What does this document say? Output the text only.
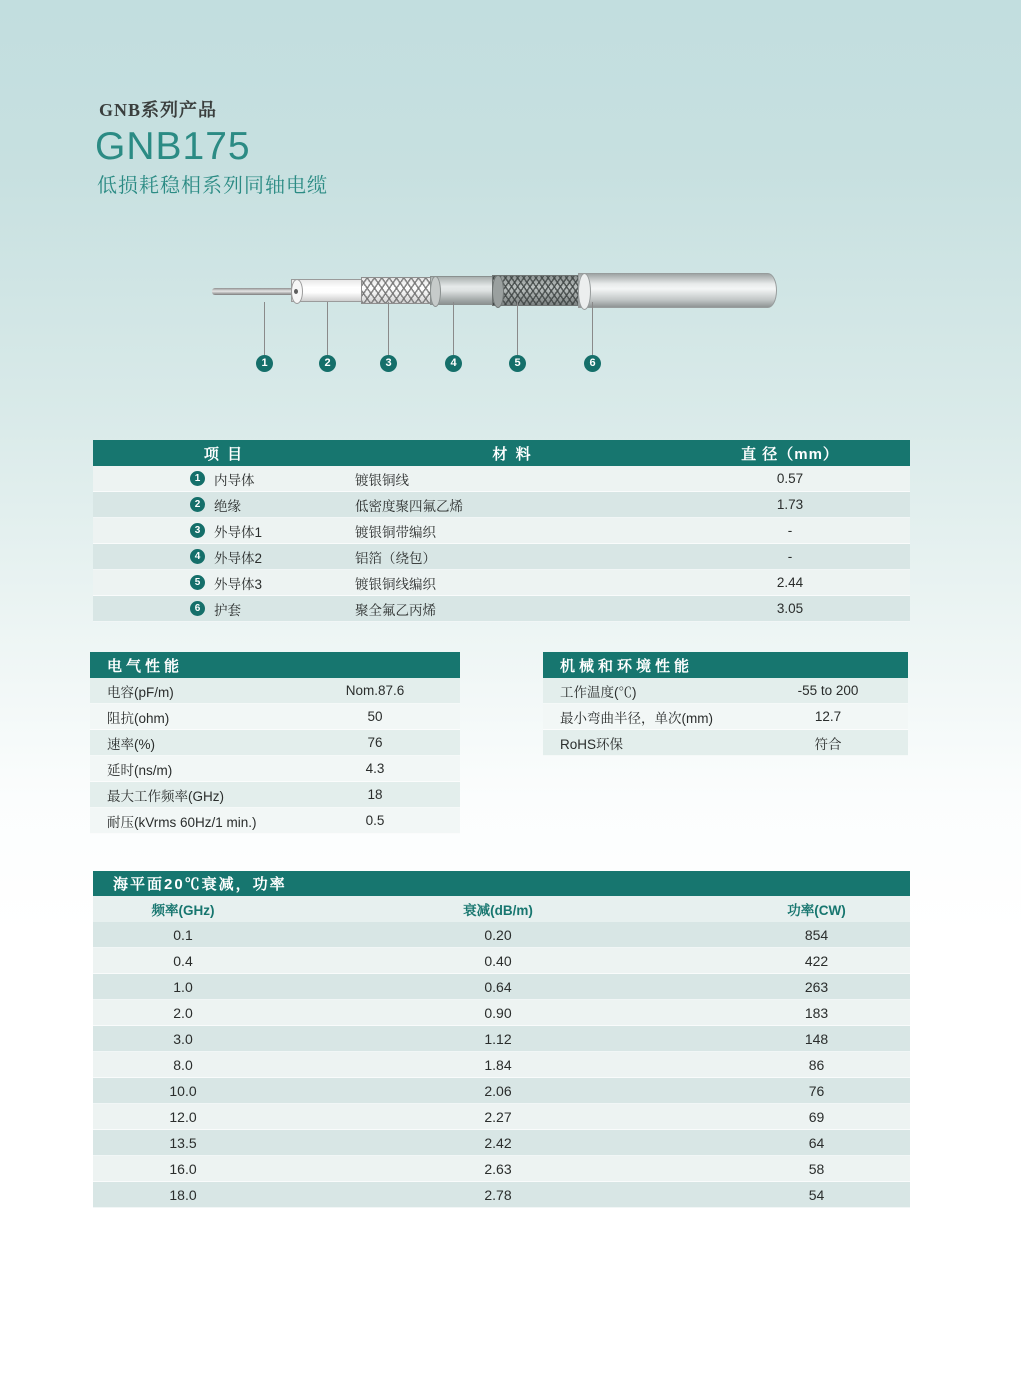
GNB系列产品
GNB175
低损耗稳相系列同轴电缆
1	2	3	4	5	6
项 目	材 料	直 径（mm）
1	内导体	镀银铜线	0.57
2	绝缘	低密度聚四氟乙烯	1.73
3	外导体1	镀银铜带编织	-
4	外导体2	铝箔（绕包）	-
5	外导体3	镀银铜线编织	2.44
6	护套	聚全氟乙丙烯	3.05
电气性能
电容(pF/m)	Nom.87.6
阻抗(ohm)	50
速率(%)	76
延时(ns/m)	4.3
最大工作频率(GHz)	18
耐压(kVrms 60Hz/1 min.)	0.5
机械和环境性能
工作温度(℃)	-55 to 200
最小弯曲半径，单次(mm)	12.7
RoHS环保	符合
海平面20℃衰减，功率
频率(GHz)	衰减(dB/m)	功率(CW)
0.1	0.20	854
0.4	0.40	422
1.0	0.64	263
2.0	0.90	183
3.0	1.12	148
8.0	1.84	86
10.0	2.06	76
12.0	2.27	69
13.5	2.42	64
16.0	2.63	58
18.0	2.78	54
